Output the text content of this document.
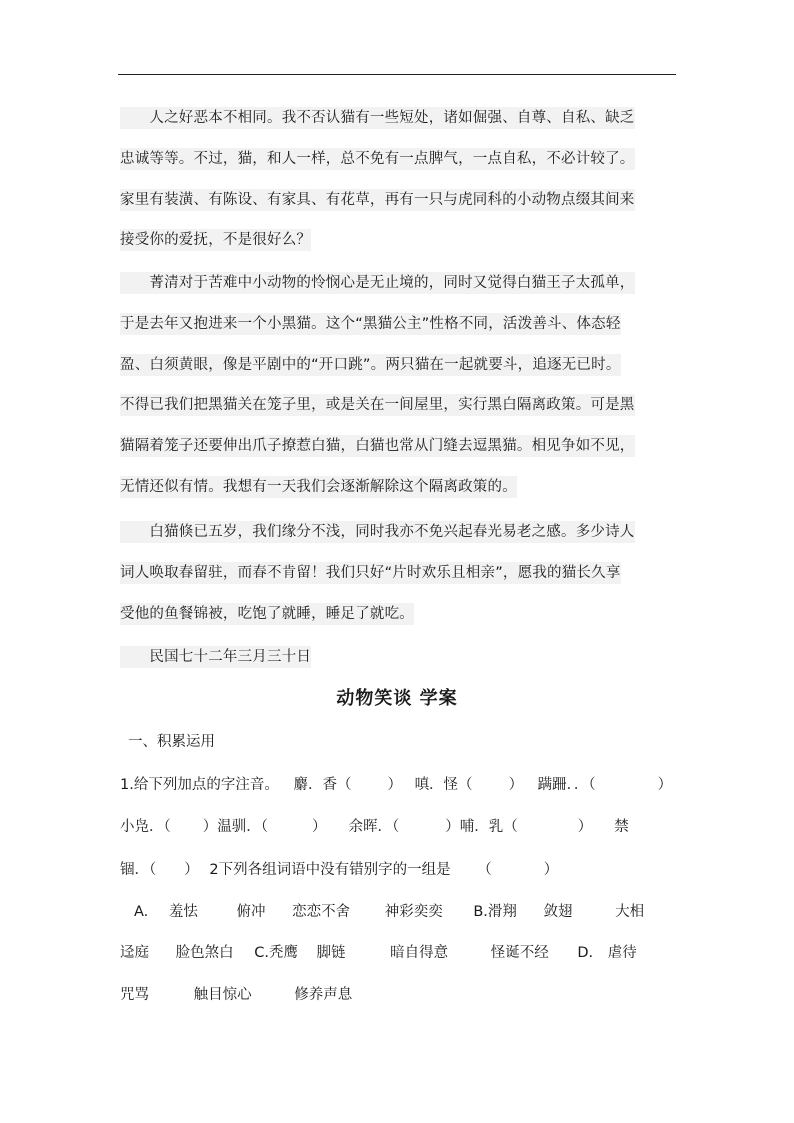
　　人之好恶本不相同。我不否认猫有一些短处，诸如倔强、自尊、自私、缺乏
忠诚等等。不过，猫，和人一样，总不免有一点脾气，一点自私，不必计较了。
家里有装潢、有陈设、有家具、有花草，再有一只与虎同科的小动物点缀其间来
接受你的爱抚，不是很好么？
　　菁清对于苦难中小动物的怜悯心是无止境的，同时又觉得白猫王子太孤单，
于是去年又抱进来一个小黑猫。这个“黑猫公主”性格不同，活泼善斗、体态轻
盈、白须黄眼，像是平剧中的“开口跳”。两只猫在一起就要斗，追逐无已时。
不得已我们把黑猫关在笼子里，或是关在一间屋里，实行黑白隔离政策。可是黑
猫隔着笼子还要伸出爪子撩惹白猫，白猫也常从门缝去逗黑猫。相见争如不见，
无情还似有情。我想有一天我们会逐渐解除这个隔离政策的。
　　白猫倏已五岁，我们缘分不浅，同时我亦不免兴起春光易老之感。多少诗人
词人唤取春留驻，而春不肯留！我们只好“片时欢乐且相亲”，愿我的猫长久享
受他的鱼餐锦被，吃饱了就睡，睡足了就吃。
　　民国七十二年三月三十日
动物笑谈 学案
一、积累运用
1.给下列加点的字注音。 麝．香（ ） 嗔．怪（ ） 蹒跚．．（	）
小凫．（ ）温驯．（	） 余晖．（	）哺．乳（	） 禁
锢．（ ） 2下列各组词语中没有错别字的一组是 （	）
A. 羞怯	俯冲 恋恋不舍 神彩奕奕 B.滑翔 敛翅	大相
迳庭 脸色煞白 C.秃鹰 脚链	暗自得意	怪诞不经 D. 虐待
咒骂	触目惊心	修养声息
